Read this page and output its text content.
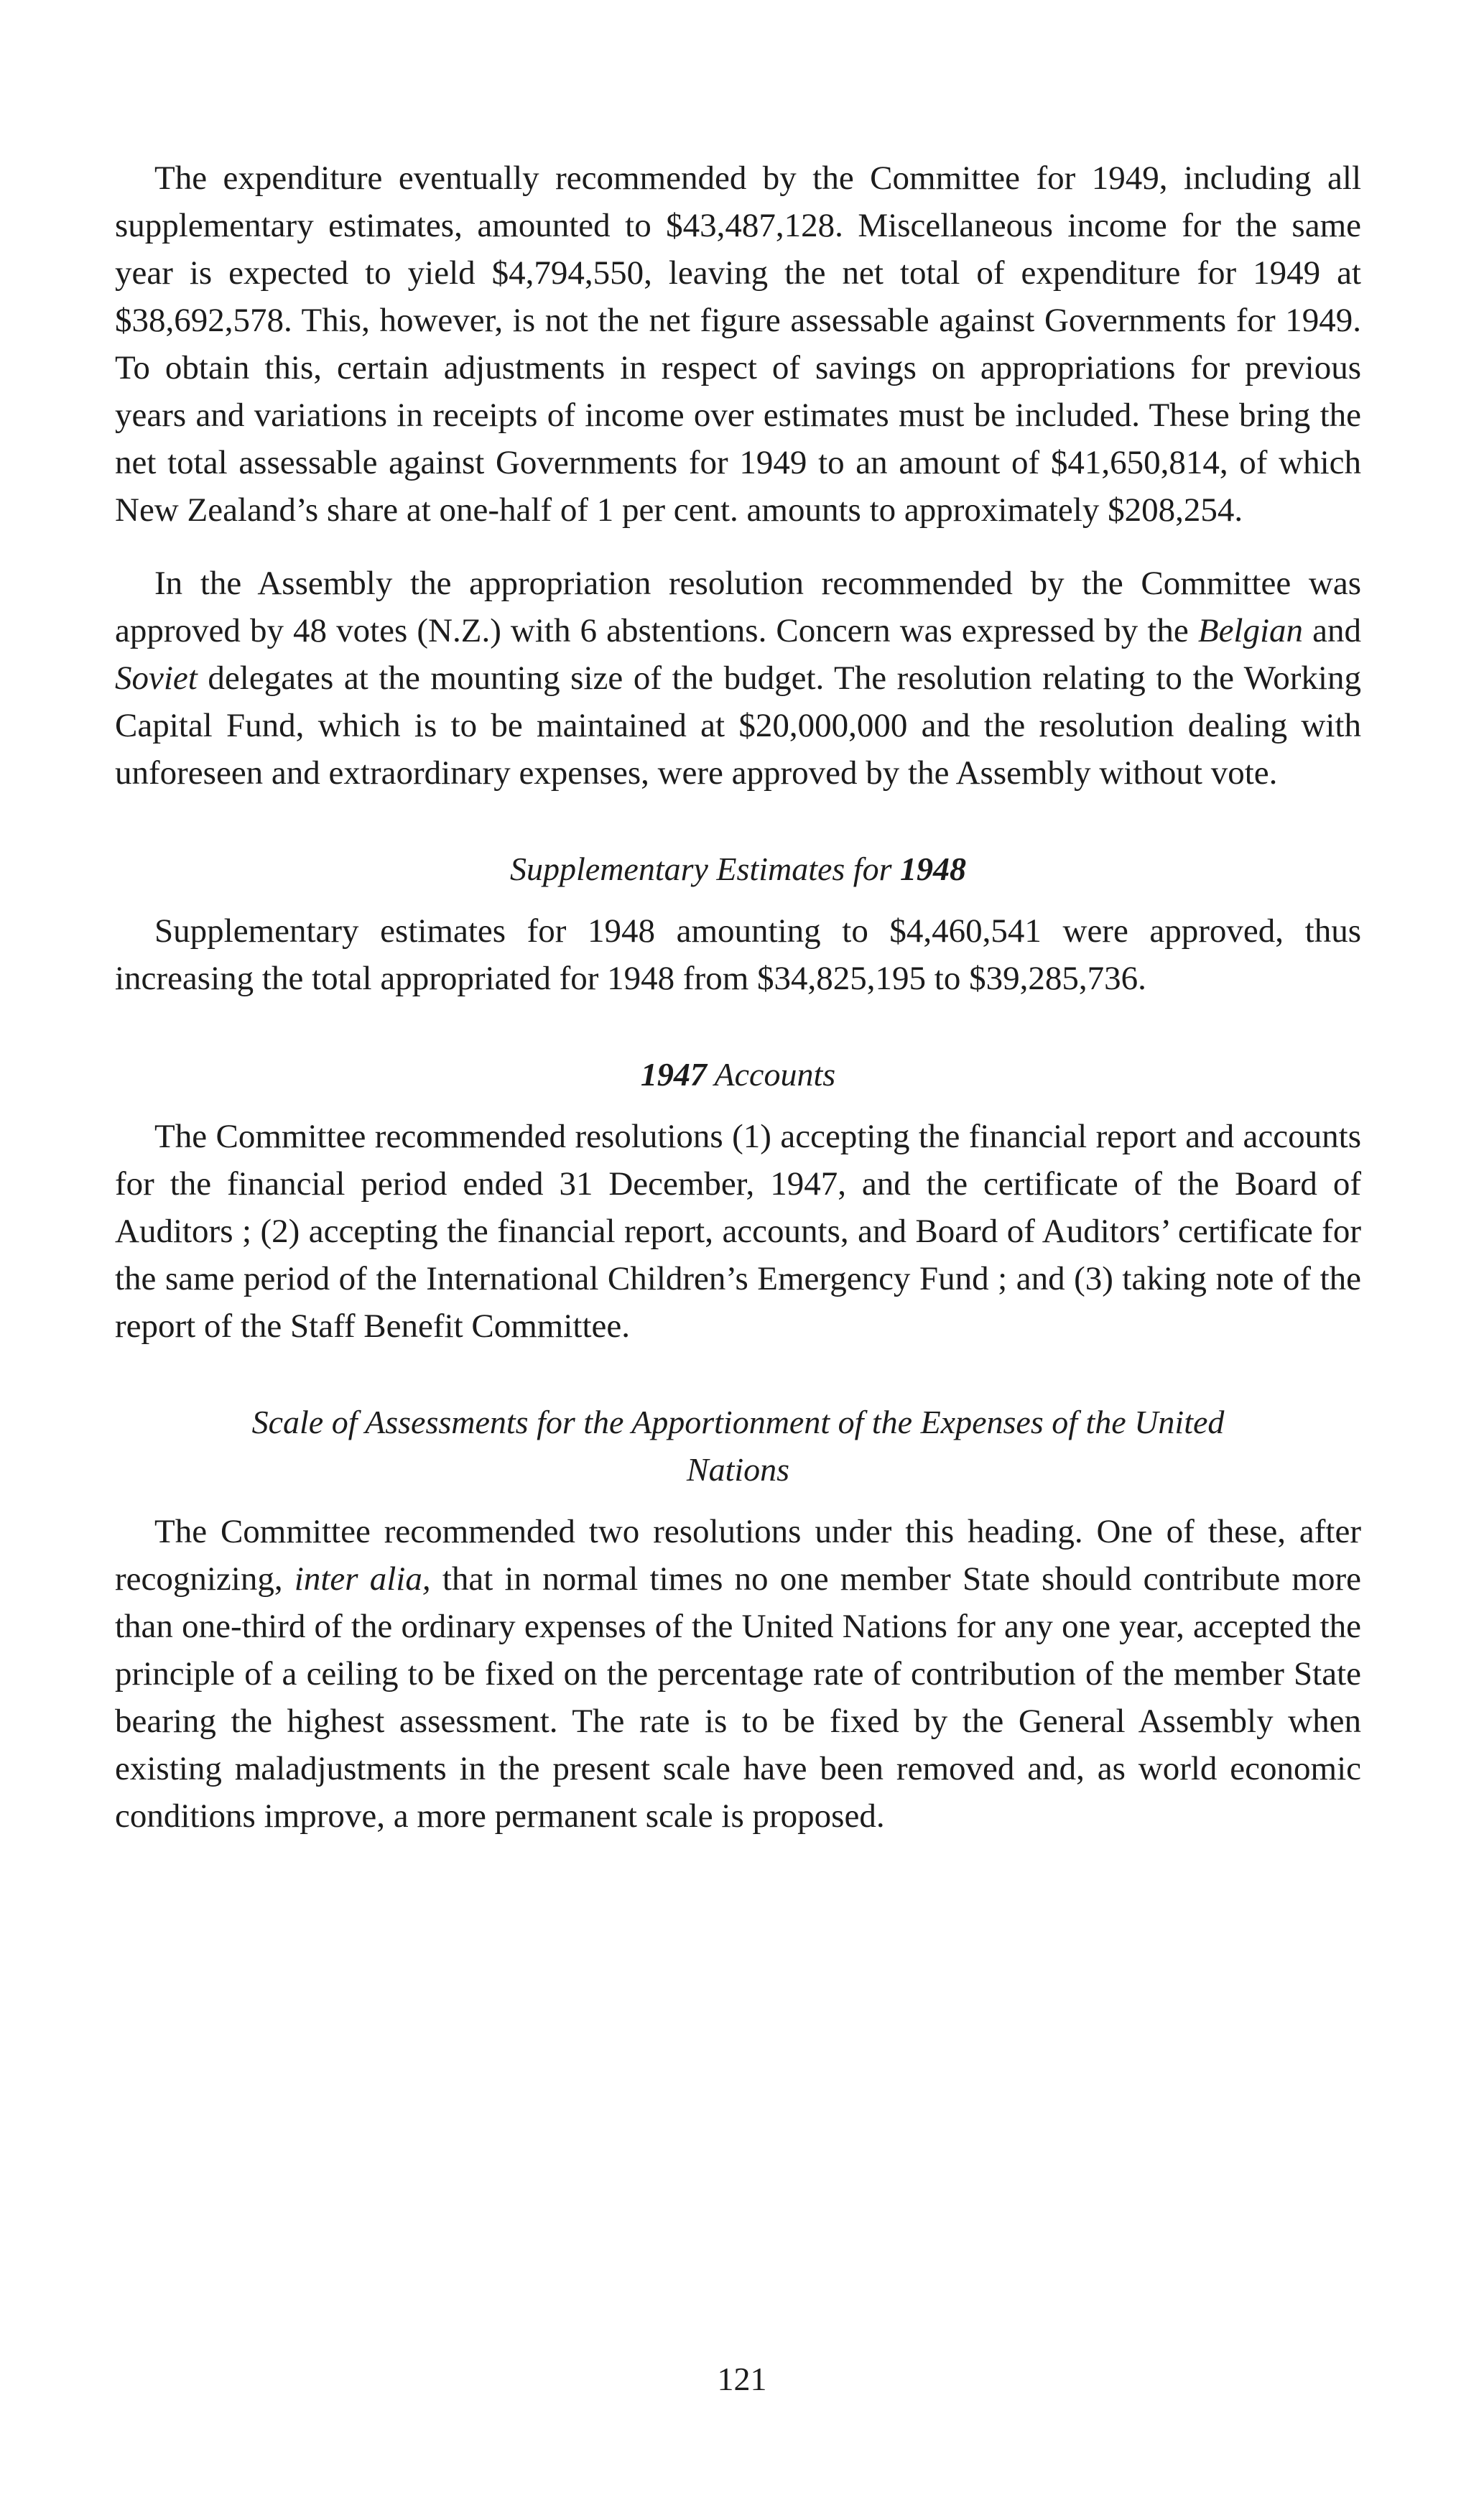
The expenditure eventually recommended by the Committee for 1949, including all supplementary estimates, amounted to $43,487,128. Miscellaneous income for the same year is expected to yield $4,794,550, leaving the net total of expenditure for 1949 at $38,692,578. This, however, is not the net figure assessable against Governments for 1949. To obtain this, certain adjustments in respect of savings on appropriations for previous years and variations in receipts of income over estimates must be included. These bring the net total assessable against Governments for 1949 to an amount of $41,650,814, of which New Zealand’s share at one-half of 1 per cent. amounts to approximately $208,254.

In the Assembly the appropriation resolution recommended by the Committee was approved by 48 votes (N.Z.) with 6 abstentions. Concern was expressed by the Belgian and Soviet delegates at the mounting size of the budget. The resolution relating to the Working Capital Fund, which is to be maintained at $20,000,000 and the resolution dealing with unforeseen and extraordinary expenses, were approved by the Assembly without vote.

Supplementary Estimates for 1948

Supplementary estimates for 1948 amounting to $4,460,541 were approved, thus increasing the total appropriated for 1948 from $34,825,195 to $39,285,736.

1947 Accounts

The Committee recommended resolutions (1) accepting the financial report and accounts for the financial period ended 31 December, 1947, and the certificate of the Board of Auditors ; (2) accepting the financial report, accounts, and Board of Auditors’ certificate for the same period of the International Children’s Emergency Fund ; and (3) taking note of the report of the Staff Benefit Committee.

Scale of Assessments for the Apportionment of the Expenses of the United
Nations

The Committee recommended two resolutions under this heading. One of these, after recognizing, inter alia, that in normal times no one member State should contribute more than one-third of the ordinary expenses of the United Nations for any one year, accepted the principle of a ceiling to be fixed on the percentage rate of contribution of the member State bearing the highest assessment. The rate is to be fixed by the General Assembly when existing maladjustments in the present scale have been removed and, as world economic conditions improve, a more permanent scale is proposed.

121
